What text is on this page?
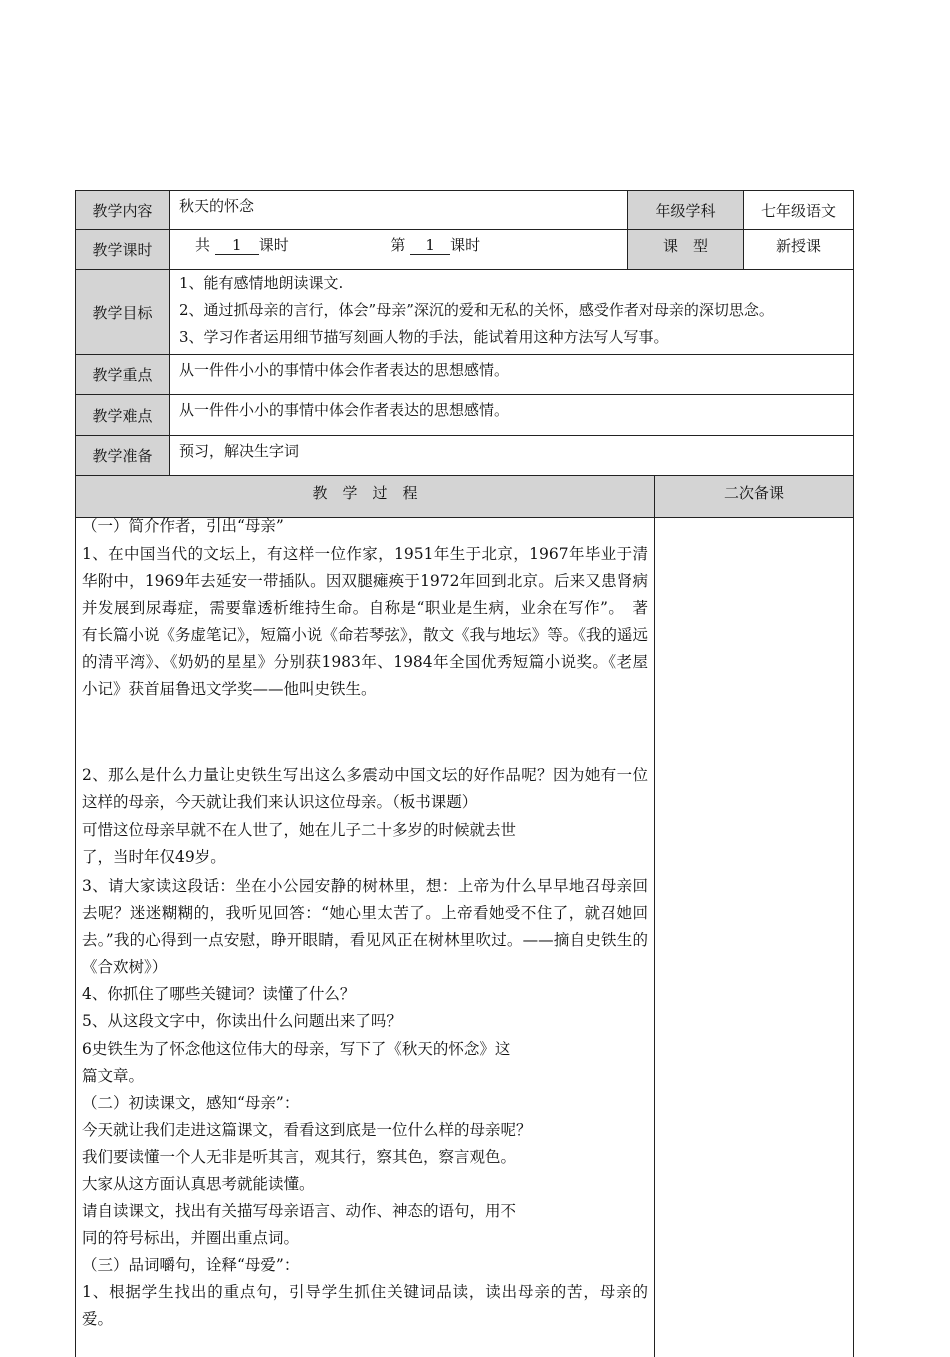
教学内容	秋天的怀念	年级学科	七年级语文
教学课时	共 1 课时	第 1 课时	课　型	新授课
教学目标
1、能有感情地朗读课文.
2、通过抓母亲的言行，体会”母亲”深沉的爱和无私的关怀，感受作者对母亲的深切思念。
3、学习作者运用细节描写刻画人物的手法，能试着用这种方法写人写事。
教学重点	从一件件小小的事情中体会作者表达的思想感情。
教学难点	从一件件小小的事情中体会作者表达的思想感情。
教学准备	预习，解决生字词
教　学　过　程	二次备课

（一）简介作者，引出“母亲”

1、在中国当代的文坛上，有这样一位作家，1951年生于北京，1967年毕业于清华附中，1969年去延安一带插队。因双腿瘫痪于1972年回到北京。后来又患肾病并发展到尿毒症，需要靠透析维持生命。自称是“职业是生病，业余在写作”。　著有长篇小说《务虚笔记》，短篇小说《命若琴弦》，散文《我与地坛》等。《我的遥远的清平湾》、《奶奶的星星》分别获1983年、1984年全国优秀短篇小说奖。《老屋小记》获首届鲁迅文学奖——他叫史铁生。

2、那么是什么力量让史铁生写出这么多震动中国文坛的好作品呢？因为她有一位这样的母亲，今天就让我们来认识这位母亲。（板书课题）

可惜这位母亲早就不在人世了，她在儿子二十多岁的时候就去世

了，当时年仅49岁。

3、请大家读这段话：坐在小公园安静的树林里，想：上帝为什么早早地召母亲回去呢？迷迷糊糊的，我听见回答：“她心里太苦了。上帝看她受不住了，就召她回去。”我的心得到一点安慰，睁开眼睛，看见风正在树林里吹过。——摘自史铁生的《合欢树》）

4、你抓住了哪些关键词？读懂了什么？

5、从这段文字中，你读出什么问题出来了吗？

6史铁生为了怀念他这位伟大的母亲，写下了《秋天的怀念》这

篇文章。

（二）初读课文，感知“母亲”：

今天就让我们走进这篇课文，看看这到底是一位什么样的母亲呢？

我们要读懂一个人无非是听其言，观其行，察其色，察言观色。

大家从这方面认真思考就能读懂。

请自读课文，找出有关描写母亲语言、动作、神态的语句，用不

同的符号标出，并圈出重点词。

（三）品词嚼句，诠释“母爱”：

1、根据学生找出的重点句，引导学生抓住关键词品读，读出母亲的苦，母亲的爱。
